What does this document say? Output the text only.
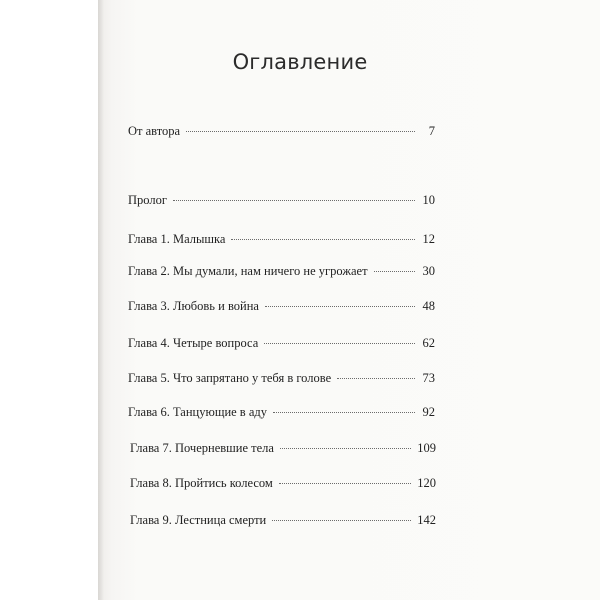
Оглавление
От автора	7
Пролог	10
Глава 1. Малышка	12
Глава 2. Мы думали, нам ничего не угрожает	30
Глава 3. Любовь и война	48
Глава 4. Четыре вопроса	62
Глава 5. Что запрятано у тебя в голове	73
Глава 6. Танцующие в аду	92
Глава 7. Почерневшие тела	109
Глава 8. Пройтись колесом	120
Глава 9. Лестница смерти	142
